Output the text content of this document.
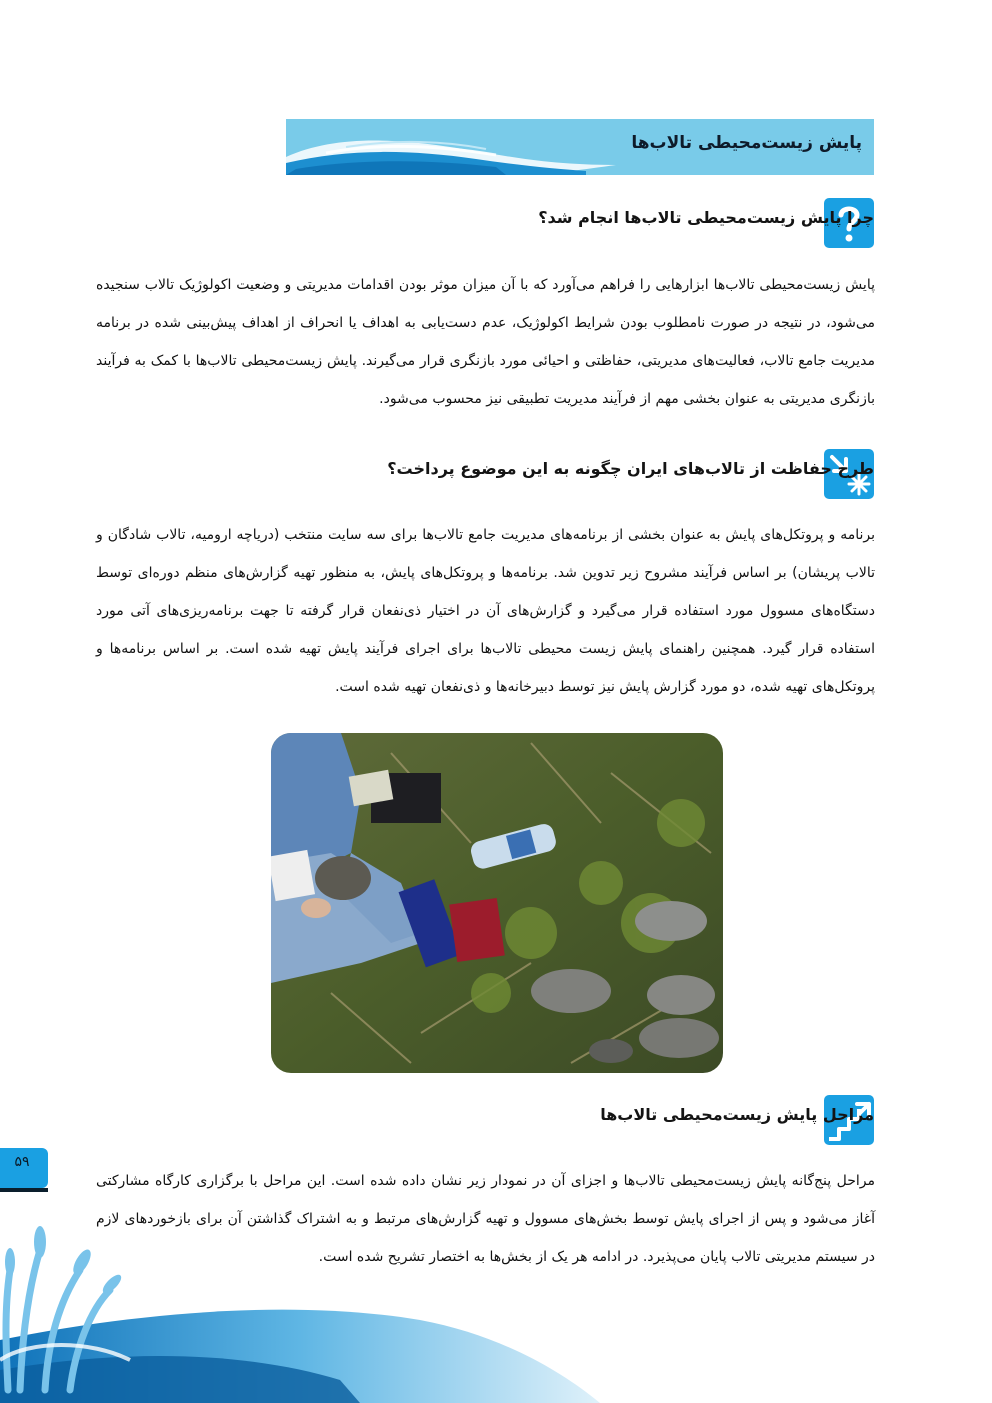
پایش زیست‌محیطی تالاب‌ها
چرا پایش زیست‌محیطی تالاب‌ها انجام شد؟
پایش زیست‌محیطی تالاب‌ها ابزارهایی را فراهم می‌آورد که با آن میزان موثر بودن اقدامات مدیریتی و وضعیت اکولوژیک تالاب سنجیده می‌شود، در نتیجه در صورت نامطلوب بودن شرایط اکولوژیک، عدم دست‌یابی به اهداف یا انحراف از اهداف پیش‌بینی شده در برنامه مدیریت جامع تالاب، فعالیت‌های مدیریتی، حفاظتی و احیائی مورد بازنگری قرار می‌گیرند. پایش زیست‌محیطی تالاب‌ها با کمک به فرآیند بازنگری مدیریتی به عنوان بخشی مهم از فرآیند مدیریت تطبیقی نیز محسوب می‌شود.
طرح حفاظت از تالاب‌های ایران چگونه به این موضوع پرداخت؟
برنامه و پروتکل‌های پایش به عنوان بخشی از برنامه‌های مدیریت جامع تالاب‌ها برای سه سایت منتخب (دریاچه ارومیه، تالاب شادگان و تالاب پریشان) بر اساس فرآیند مشروح زیر تدوین شد. برنامه‌ها و پروتکل‌های پایش، به منظور تهیه گزارش‌های منظم دوره‌ای توسط دستگاه‌های مسوول مورد استفاده قرار می‌گیرد و گزارش‌های آن در اختیار ذی‌نفعان قرار گرفته تا جهت برنامه‌ریزی‌های آتی مورد استفاده قرار گیرد. همچنین راهنمای پایش زیست محیطی تالاب‌ها برای اجرای فرآیند پایش تهیه شده است. بر اساس برنامه‌ها و پروتکل‌های تهیه شده، دو مورد گزارش پایش نیز توسط دبیرخانه‌ها و ذی‌نفعان تهیه شده است.
مراحل پایش زیست‌محیطی تالاب‌ها
مراحل پنج‌گانه پایش زیست‌محیطی تالاب‌ها و اجزای آن در نمودار زیر نشان داده شده است. این مراحل با برگزاری کارگاه مشارکتی آغاز می‌شود و پس از اجرای پایش توسط بخش‌های مسوول و تهیه گزارش‌های مرتبط و به اشتراک گذاشتن آن برای بازخوردهای لازم در سیستم مدیریتی تالاب پایان می‌پذیرد. در ادامه هر یک از بخش‌ها به اختصار تشریح شده است.
۵۹
